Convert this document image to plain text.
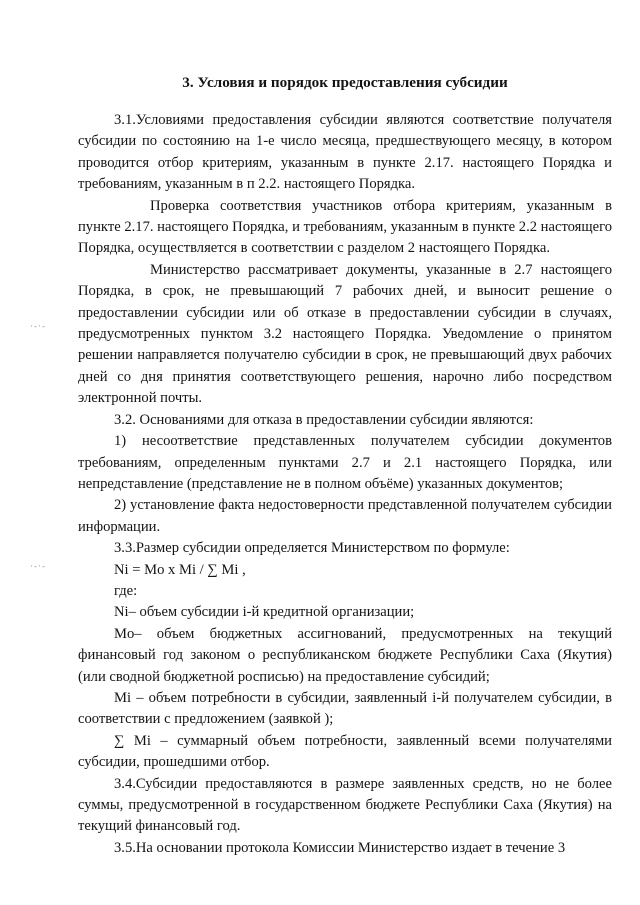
3. Условия и порядок предоставления субсидии

3.1.Условиями предоставления субсидии являются соответствие получателя субсидии по состоянию на 1-е число месяца, предшествующего месяцу, в котором проводится отбор критериям, указанным в пункте 2.17. настоящего Порядка и требованиям, указанным в п 2.2. настоящего Порядка.

Проверка соответствия участников отбора критериям, указанным в пункте 2.17. настоящего Порядка, и требованиям, указанным в пункте 2.2 настоящего Порядка, осуществляется в соответствии с разделом 2 настоящего Порядка.

Министерство рассматривает документы, указанные в 2.7 настоящего Порядка, в срок, не превышающий 7 рабочих дней, и выносит решение о предоставлении субсидии или об отказе в предоставлении субсидии в случаях, предусмотренных пунктом 3.2 настоящего Порядка. Уведомление о принятом решении направляется получателю субсидии в срок, не превышающий двух рабочих дней со дня принятия соответствующего решения, нарочно либо посредством электронной почты.

3.2. Основаниями для отказа в предоставлении субсидии являются:

1) несоответствие представленных получателем субсидии документов требованиям, определенным пунктами 2.7 и 2.1 настоящего Порядка, или непредставление (представление не в полном объёме) указанных документов;

2) установление факта недостоверности представленной получателем субсидии информации.

3.3.Размер субсидии определяется Министерством по формуле:

Ni = Mo x Mi / ∑ Mi ,

где:

Ni– объем субсидии i-й кредитной организации;

Mo– объем бюджетных ассигнований, предусмотренных на текущий финансовый год законом о республиканском бюджете Республики Саха (Якутия) (или сводной бюджетной росписью) на предоставление субсидий;

Mi – объем потребности в субсидии, заявленный i-й получателем субсидии, в соответствии с предложением (заявкой );

∑ Mi – суммарный объем потребности, заявленный всеми получателями субсидии, прошедшими отбор.

3.4.Субсидии предоставляются в размере заявленных средств, но не более суммы, предусмотренной в государственном бюджете Республики Саха (Якутия) на текущий финансовый год.

3.5.На основании протокола Комиссии Министерство издает в течение 3

·-·-
·-·-
